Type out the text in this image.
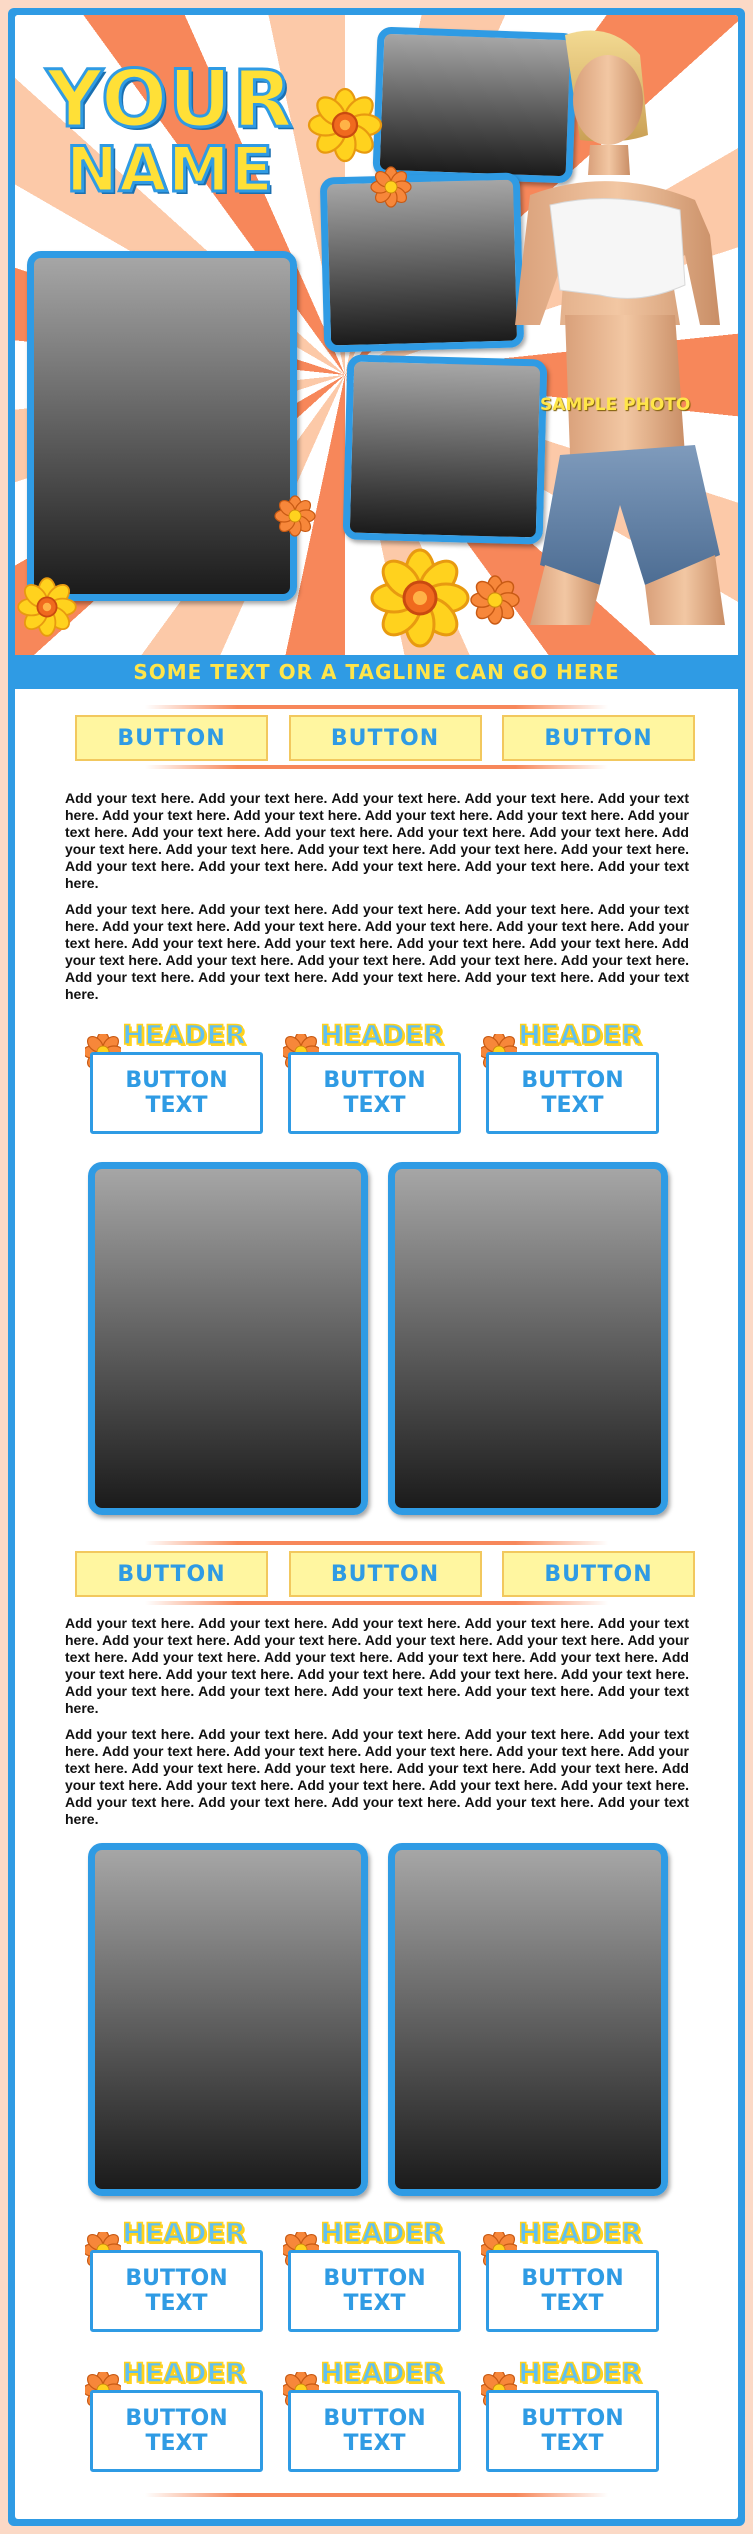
YOUR
NAME
SAMPLE PHOTO
SOME TEXT OR A TAGLINE CAN GO HERE
BUTTON	BUTTON	BUTTON

Add your text here. Add your text here. Add your text here. Add your text here. Add your text here. Add your text here. Add your text here. Add your text here. Add your text here. Add your text here. Add your text here. Add your text here. Add your text here. Add your text here. Add your text here. Add your text here. Add your text here. Add your text here. Add your text here. Add your text here. Add your text here. Add your text here. Add your text here. Add your text here.

Add your text here. Add your text here. Add your text here. Add your text here. Add your text here. Add your text here. Add your text here. Add your text here. Add your text here. Add your text here. Add your text here. Add your text here. Add your text here. Add your text here. Add your text here. Add your text here. Add your text here. Add your text here. Add your text here. Add your text here. Add your text here. Add your text here. Add your text here. Add your text here.

HEADER
BUTTON TEXT
HEADER
BUTTON TEXT
HEADER
BUTTON TEXT
BUTTON	BUTTON	BUTTON

Add your text here. Add your text here. Add your text here. Add your text here. Add your text here. Add your text here. Add your text here. Add your text here. Add your text here. Add your text here. Add your text here. Add your text here. Add your text here. Add your text here. Add your text here. Add your text here. Add your text here. Add your text here. Add your text here. Add your text here. Add your text here. Add your text here. Add your text here. Add your text here.

Add your text here. Add your text here. Add your text here. Add your text here. Add your text here. Add your text here. Add your text here. Add your text here. Add your text here. Add your text here. Add your text here. Add your text here. Add your text here. Add your text here. Add your text here. Add your text here. Add your text here. Add your text here. Add your text here. Add your text here. Add your text here. Add your text here. Add your text here. Add your text here.

HEADER
BUTTON TEXT
HEADER
BUTTON TEXT
HEADER
BUTTON TEXT
HEADER
BUTTON TEXT
HEADER
BUTTON TEXT
HEADER
BUTTON TEXT
